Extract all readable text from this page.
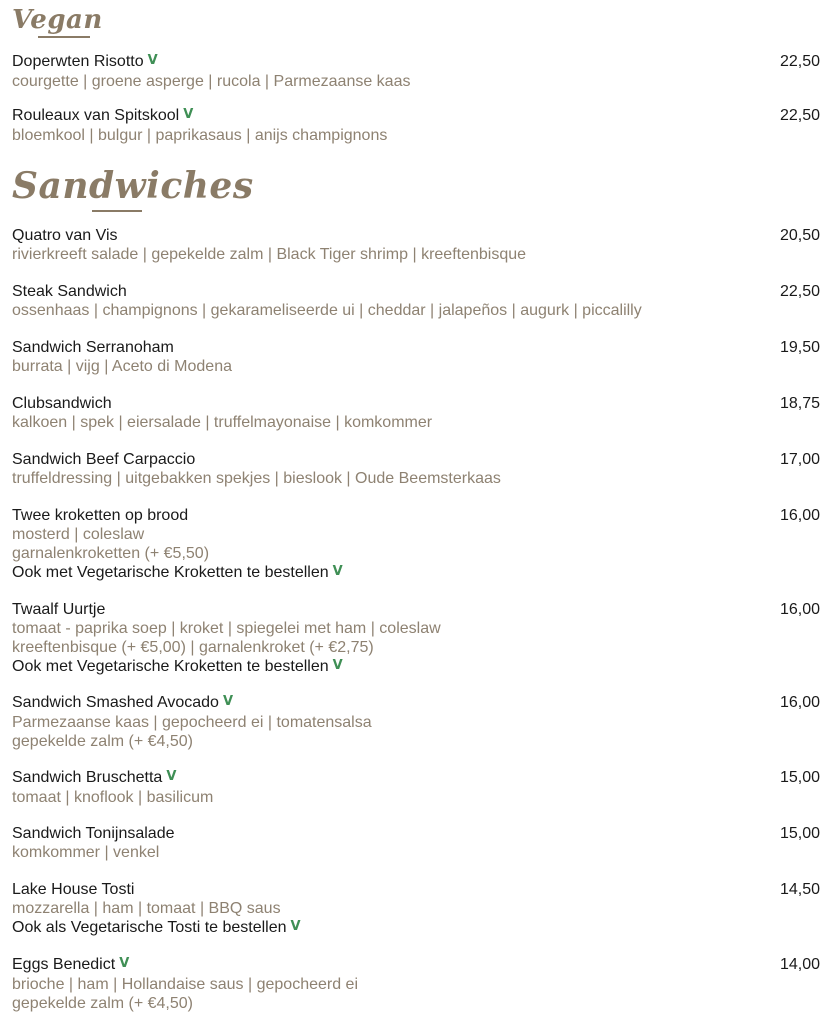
Vegan
Doperwten Risotto V	22,50
courgette | groene asperge | rucola | Parmezaanse kaas
Rouleaux van Spitskool V	22,50
bloemkool | bulgur | paprikasaus | anijs champignons
Sandwiches
Quatro van Vis	20,50
rivierkreeft salade | gepekelde zalm | Black Tiger shrimp | kreeftenbisque
Steak Sandwich	22,50
ossenhaas | champignons | gekarameliseerde ui | cheddar | jalapeños | augurk | piccalilly
Sandwich Serranoham	19,50
burrata | vijg | Aceto di Modena
Clubsandwich	18,75
kalkoen | spek | eiersalade | truffelmayonaise | komkommer
Sandwich Beef Carpaccio	17,00
truffeldressing | uitgebakken spekjes | bieslook | Oude Beemsterkaas
Twee kroketten op brood	16,00
mosterd | coleslaw
garnalenkroketten (+ €5,50)
Ook met Vegetarische Kroketten te bestellen V
Twaalf Uurtje	16,00
tomaat - paprika soep | kroket | spiegelei met ham | coleslaw
kreeftenbisque (+ €5,00) | garnalenkroket (+ €2,75)
Ook met Vegetarische Kroketten te bestellen V
Sandwich Smashed Avocado V	16,00
Parmezaanse kaas | gepocheerd ei | tomatensalsa
gepekelde zalm (+ €4,50)
Sandwich Bruschetta V	15,00
tomaat | knoflook | basilicum
Sandwich Tonijnsalade	15,00
komkommer | venkel
Lake House Tosti	14,50
mozzarella | ham | tomaat | BBQ saus
Ook als Vegetarische Tosti te bestellen V
Eggs Benedict V	14,00
brioche | ham | Hollandaise saus | gepocheerd ei
gepekelde zalm (+ €4,50)
